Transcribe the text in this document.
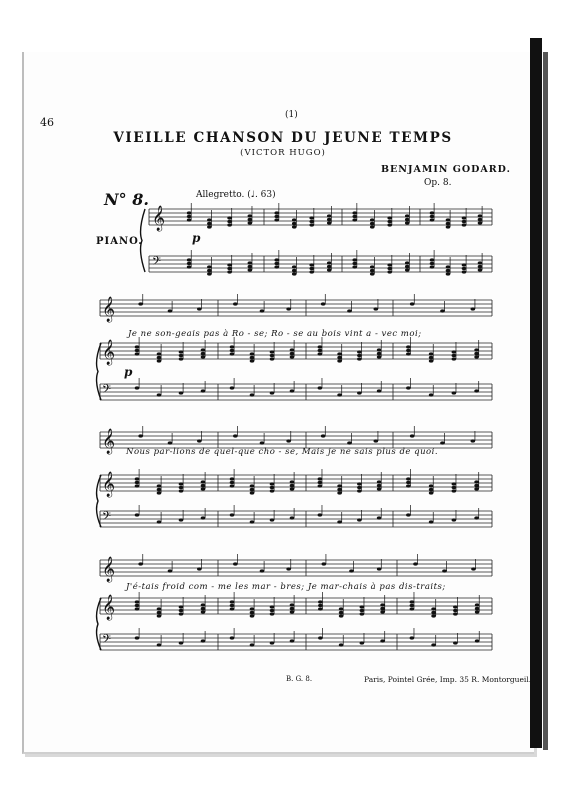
𝄞
𝄢
𝄞
𝄞
𝄢
𝄞
𝄞
𝄢
𝄞
𝄞
𝄢
46
(1)
VIEILLE CHANSON DU JEUNE TEMPS
(VICTOR HUGO)
BENJAMIN GODARD.
Op. 8.
N° 8.	Allegretto. (♩. 63)
PIANO.	p
p
Je ne son-geais pas à Ro - se; Ro - se au bois vint a - vec moi;
Nous par-lions de quel-que cho - se, Mais je ne sais plus de quoi.
J'é-tais froid com - me les mar - bres; Je mar-chais à pas dis-traits;
B. G. 8.	Paris, Pointel Grée, Imp. 35 R. Montorgueil.
